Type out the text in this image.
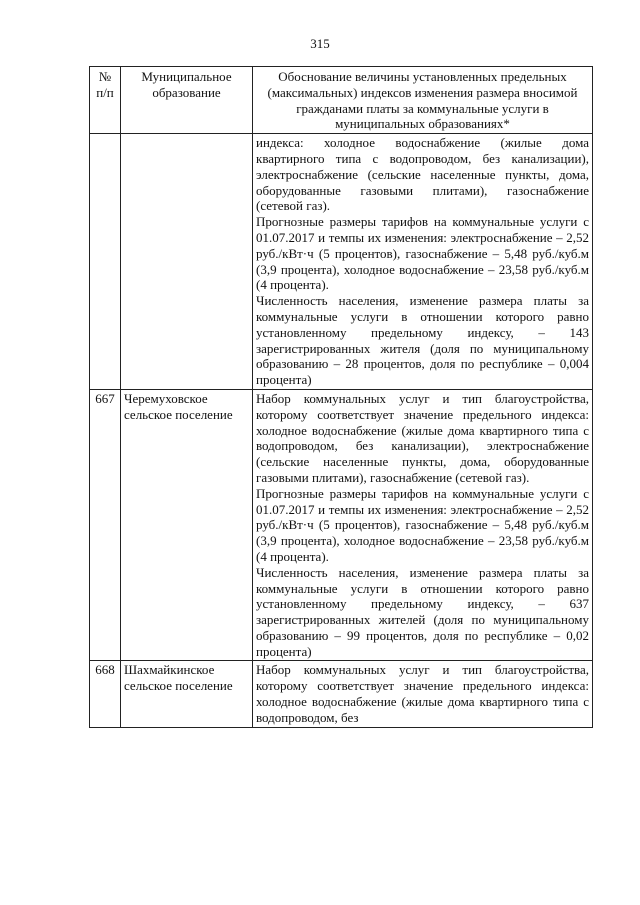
315
№ п/п	Муниципальное образование	Обоснование величины установленных предельных (максимальных) индексов изменения размера вносимой гражданами платы за коммунальные услуги в муниципальных образованиях*

		индекса: холодное водоснабжение (жилые дома квартирного типа с водопроводом, без канализации), электроснабжение (сельские населенные пункты, дома, оборудованные газовыми плитами), газоснабжение (сетевой газ).
Прогнозные размеры тарифов на коммунальные услуги с 01.07.2017 и темпы их изменения: электроснабжение – 2,52 руб./кВт·ч (5 процентов), газоснабжение – 5,48 руб./куб.м (3,9 процента), холодное водоснабжение – 23,58 руб./куб.м (4 процента).
Численность населения, изменение размера платы за коммунальные услуги в отношении которого равно установленному предельному индексу, – 143 зарегистрированных жителя (доля по муниципальному образованию – 28 процентов, доля по республике – 0,004 процента)

667	Черемуховское сельское поселение	Набор коммунальных услуг и тип благоустройства, которому соответствует значение предельного индекса: холодное водоснабжение (жилые дома квартирного типа с водопроводом, без канализации), электроснабжение (сельские населенные пункты, дома, оборудованные газовыми плитами), газоснабжение (сетевой газ).
Прогнозные размеры тарифов на коммунальные услуги с 01.07.2017 и темпы их изменения: электроснабжение – 2,52 руб./кВт·ч (5 процентов), газоснабжение – 5,48 руб./куб.м (3,9 процента), холодное водоснабжение – 23,58 руб./куб.м (4 процента).
Численность населения, изменение размера платы за коммунальные услуги в отношении которого равно установленному предельному индексу, – 637 зарегистрированных жителей (доля по муниципальному образованию – 99 процентов, доля по республике – 0,02 процента)

668	Шахмайкинское сельское поселение	Набор коммунальных услуг и тип благоустройства, которому соответствует значение предельного индекса: холодное водоснабжение (жилые дома квартирного типа с водопроводом, без
